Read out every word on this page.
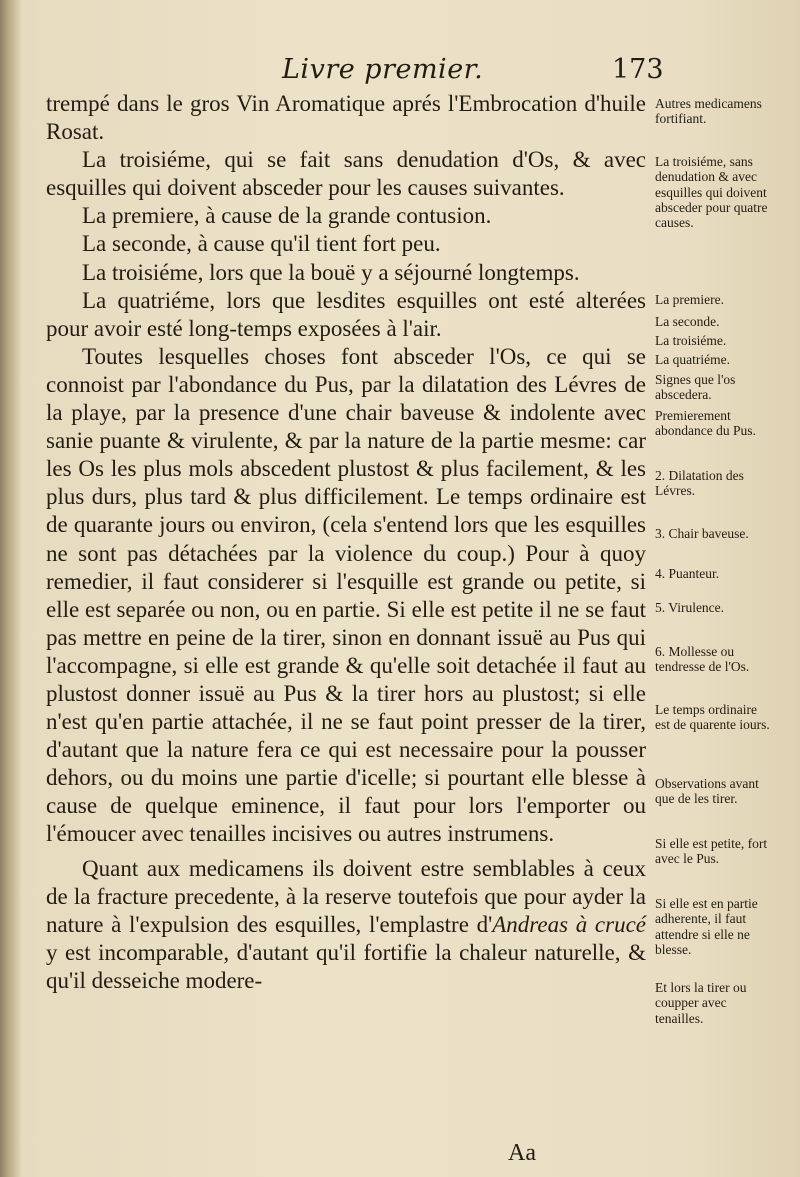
Livre premier.	173

trempé dans le gros Vin Aromatique aprés l'Embrocation d'huile Rosat.

La troisiéme, qui se fait sans denudation d'Os, & avec esquilles qui doivent absceder pour les causes suivantes.

La premiere, à cause de la grande contusion.

La seconde, à cause qu'il tient fort peu.

La troisiéme, lors que la bouë y a séjourné longtemps.

La quatriéme, lors que lesdites esquilles ont esté alterées pour avoir esté long-temps exposées à l'air.

Toutes lesquelles choses font absceder l'Os, ce qui se connoist par l'abondance du Pus, par la dilatation des Lévres de la playe, par la presence d'une chair baveuse & indolente avec sanie puante & virulente, & par la nature de la partie mesme: car les Os les plus mols abscedent plustost & plus facilement, & les plus durs, plus tard & plus difficilement. Le temps ordinaire est de quarante jours ou environ, (cela s'entend lors que les esquilles ne sont pas détachées par la violence du coup.) Pour à quoy remedier, il faut considerer si l'esquille est grande ou petite, si elle est separée ou non, ou en partie. Si elle est petite il ne se faut pas mettre en peine de la tirer, sinon en donnant issuë au Pus qui l'accompagne, si elle est grande & qu'elle soit detachée il faut au plustost donner issuë au Pus & la tirer hors au plustost; si elle n'est qu'en partie attachée, il ne se faut point presser de la tirer, d'autant que la nature fera ce qui est necessaire pour la pousser dehors, ou du moins une partie d'icelle; si pourtant elle blesse à cause de quelque eminence, il faut pour lors l'emporter ou l'émoucer avec tenailles incisives ou autres instrumens.

Quant aux medicamens ils doivent estre semblables à ceux de la fracture precedente, à la reserve toutefois que pour ayder la nature à l'expulsion des esquilles, l'emplastre d'Andreas à crucé y est incomparable, d'autant qu'il fortifie la chaleur naturelle, & qu'il desseiche modere-

Autres medicamens fortifiant.
La troisiéme, sans denudation & avec esquilles qui doivent absceder pour quatre causes.
La premiere.
La seconde.
La troisiéme.
La quatriéme.
Signes que l'os abscedera.
Premierement abondance du Pus.
2. Dilatation des Lévres.
3. Chair baveuse.
4. Puanteur.
5. Virulence.
6. Mollesse ou tendresse de l'Os.
Le temps ordinaire est de quarente iours.
Observations avant que de les tirer.
Si elle est petite, fort avec le Pus.
Si elle est en partie adherente, il faut attendre si elle ne blesse.
Et lors la tirer ou coupper avec tenailles.
Aa
